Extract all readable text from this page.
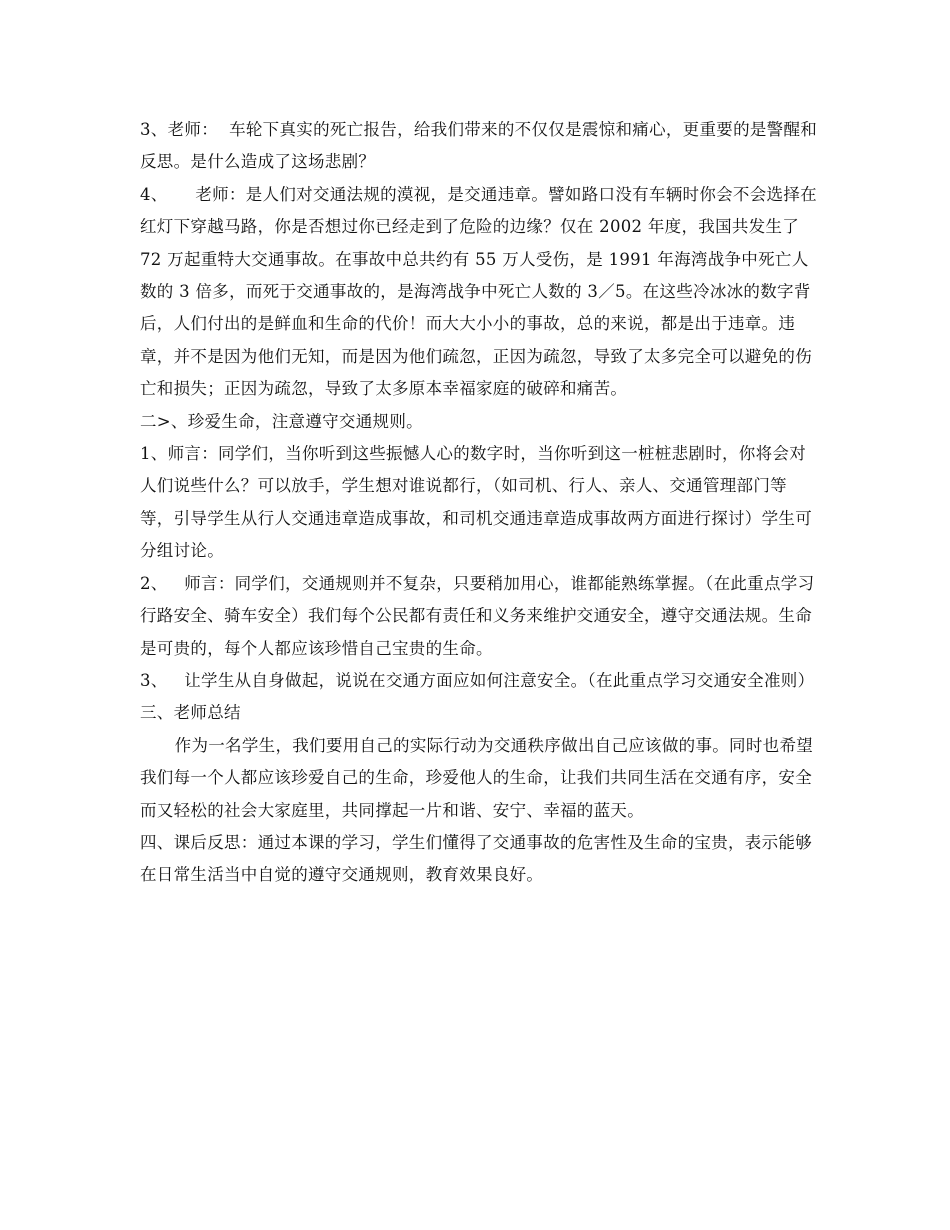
3、老师：  车轮下真实的死亡报告，给我们带来的不仅仅是震惊和痛心，更重要的是警醒和反思。是什么造成了这场悲剧？

4、     老师：是人们对交通法规的漠视，是交通违章。譬如路口没有车辆时你会不会选择在红灯下穿越马路，你是否想过你已经走到了危险的边缘？仅在 2002 年度，我国共发生了 72 万起重特大交通事故。在事故中总共约有 55 万人受伤，是 1991 年海湾战争中死亡人数的 3 倍多，而死于交通事故的，是海湾战争中死亡人数的 3／5。在这些冷冰冰的数字背后，人们付出的是鲜血和生命的代价！而大大小小的事故，总的来说，都是出于违章。违章，并不是因为他们无知，而是因为他们疏忽，正因为疏忽，导致了太多完全可以避免的伤亡和损失；正因为疏忽，导致了太多原本幸福家庭的破碎和痛苦。

二>、珍爱生命，注意遵守交通规则。

1、师言：同学们，当你听到这些振憾人心的数字时，当你听到这一桩桩悲剧时，你将会对人们说些什么？可以放手，学生想对谁说都行，（如司机、行人、亲人、交通管理部门等等，引导学生从行人交通违章造成事故，和司机交通违章造成事故两方面进行探讨）学生可分组讨论。

2、   师言：同学们，交通规则并不复杂，只要稍加用心，谁都能熟练掌握。（在此重点学习行路安全、骑车安全）我们每个公民都有责任和义务来维护交通安全，遵守交通法规。生命是可贵的，每个人都应该珍惜自己宝贵的生命。

3、   让学生从自身做起，说说在交通方面应如何注意安全。（在此重点学习交通安全准则）三、老师总结

作为一名学生，我们要用自己的实际行动为交通秩序做出自己应该做的事。同时也希望我们每一个人都应该珍爱自己的生命，珍爱他人的生命，让我们共同生活在交通有序，安全而又轻松的社会大家庭里，共同撑起一片和谐、安宁、幸福的蓝天。

四、课后反思：通过本课的学习，学生们懂得了交通事故的危害性及生命的宝贵，表示能够在日常生活当中自觉的遵守交通规则，教育效果良好。
